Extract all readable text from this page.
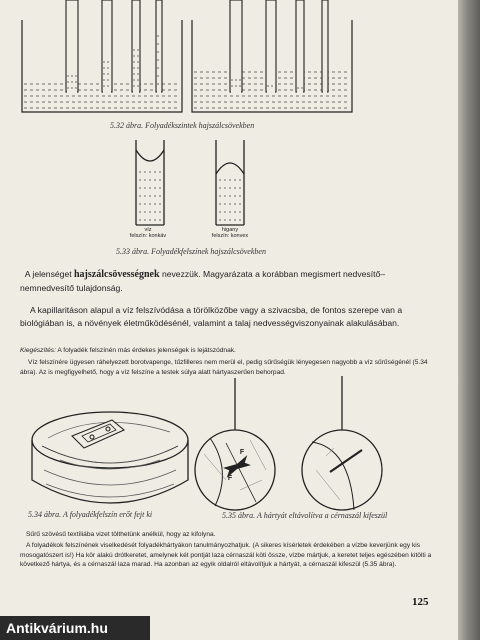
5.32 ábra. Folyadékszintek hajszálcsövekben
víz
felszín: konkáv
higany
felszín: konvex
5.33 ábra. Folyadékfelszínek hajszálcsövekben
A jelenséget hajszálcsövességnek nevezzük. Magyarázata a korábban megismert nedvesítő–nemnedvesítő tulajdonság.
A kapillaritáson alapul a víz felszívódása a törölközőbe vagy a szivacsba, de fontos szerepe van a biológiában is, a növények életműködésénél, valamint a talaj nedvességviszonyainak alakulásában.
Kiegészítés: A folyadék felszínén más érdekes jelenségek is lejátszódnak.
Víz felszínére ügyesen ráhelyezett borotvapenge, tűzfilleres nem merül el, pedig sűrűségük lényegesen nagyobb a víz sűrűségénél (5.34 ábra). Az is megfigyelhető, hogy a víz felszíne a testek súlya alatt hártyaszerűen behorpad.
F
F
5.34 ábra. A folyadékfelszín erőt fejt ki	5.35 ábra. A hártyát eltávolítva a cérnaszál kifeszül
Sűrű szövésű textíliába vizet tölthetünk anélkül, hogy az kifolyna.
A folyadékok felszínének viselkedését folyadékhártyákon tanulmányozhatjuk. (A sikeres kísérletek érdekében a vízbe keverjünk egy kis mosogatószert is!) Ha kör alakú drótkeretet, amelynek két pontját laza cérnaszál köti össze, vízbe mártjuk, a keretet teljes egészében kitölti a következő hártya, és a cérnaszál laza marad. Ha azonban az egyik oldalról eltávolítjuk a hártyát, a cérnaszál kifeszül (5.35 ábra).
125
Antikvárium.hu
